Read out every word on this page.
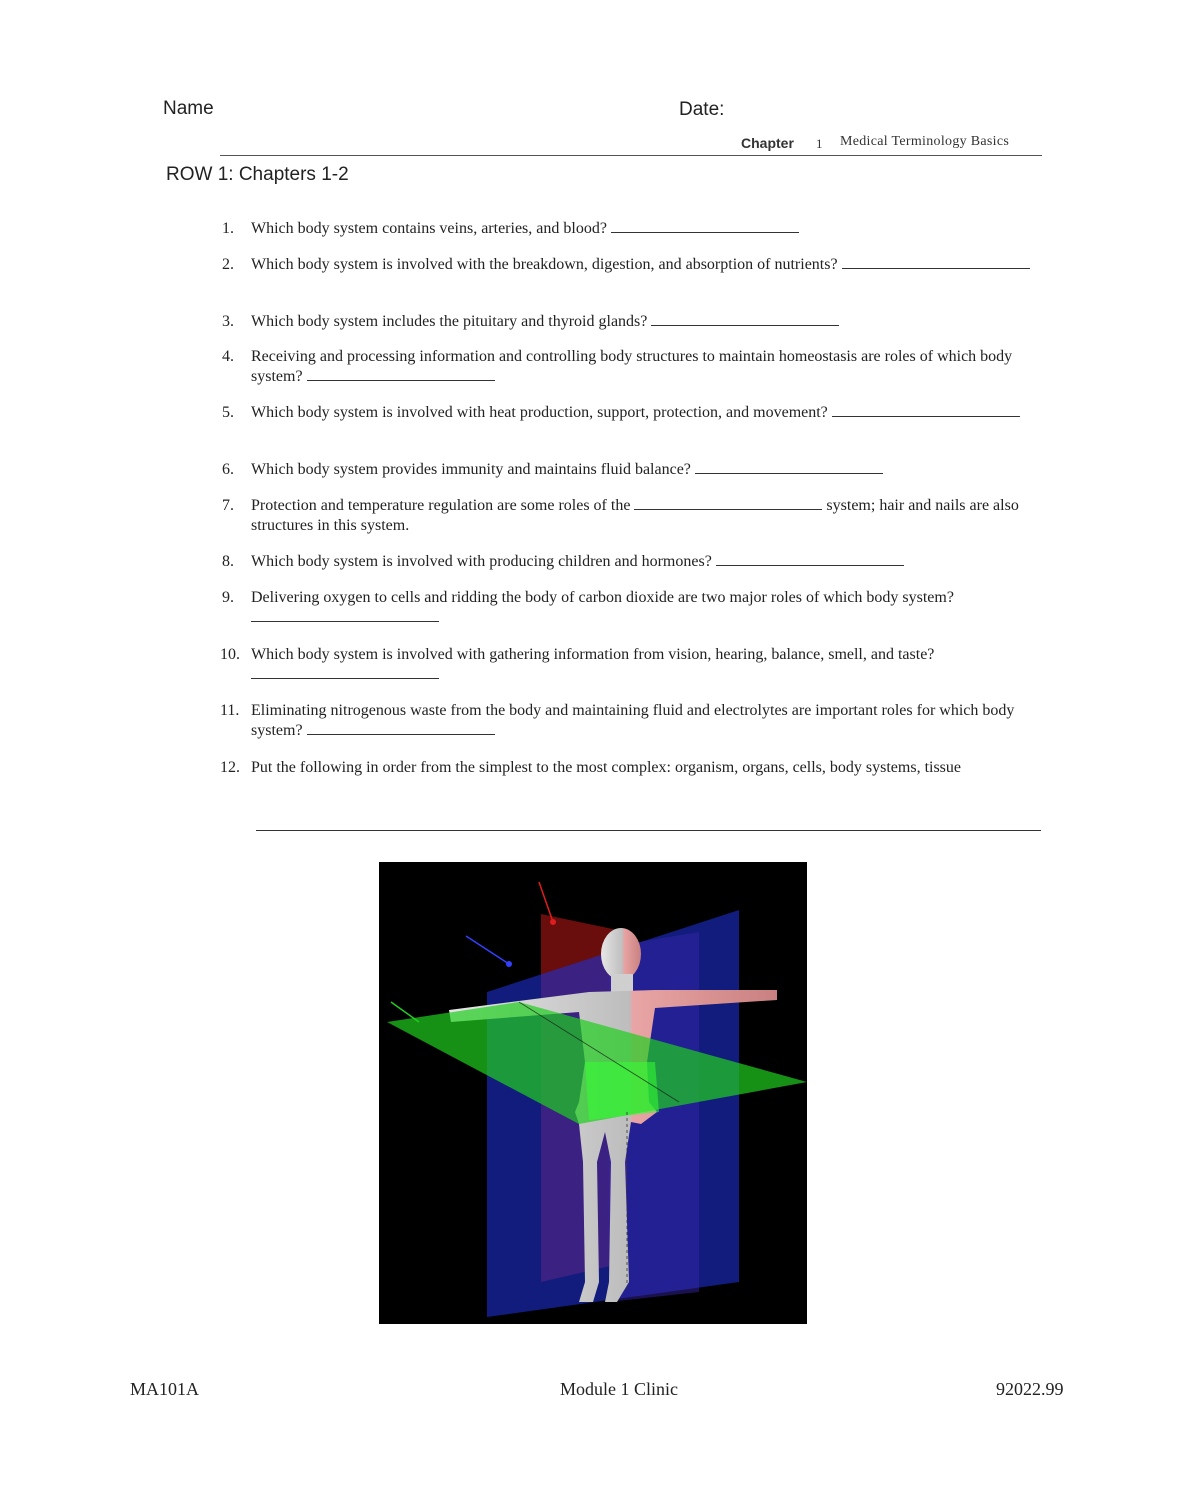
Name	Date:
Chapter 1 Medical Terminology Basics
ROW 1: Chapters 1-2
1. Which body system contains veins, arteries, and blood?
2. Which body system is involved with the breakdown, digestion, and absorption of nutrients?
3. Which body system includes the pituitary and thyroid glands?
4. Receiving and processing information and controlling body structures to maintain homeostasis are roles of which body system?
5. Which body system is involved with heat production, support, protection, and movement?
6. Which body system provides immunity and maintains fluid balance?
7. Protection and temperature regulation are some roles of the	system; hair and nails are also structures in this system.
8. Which body system is involved with producing children and hormones?
9. Delivering oxygen to cells and ridding the body of carbon dioxide are two major roles of which body system?
10. Which body system is involved with gathering information from vision, hearing, balance, smell, and taste?
11. Eliminating nitrogenous waste from the body and maintaining fluid and electrolytes are important roles for which body system?
12. Put the following in order from the simplest to the most complex: organism, organs, cells, body systems, tissue
MA101A	Module 1 Clinic	92022.99
